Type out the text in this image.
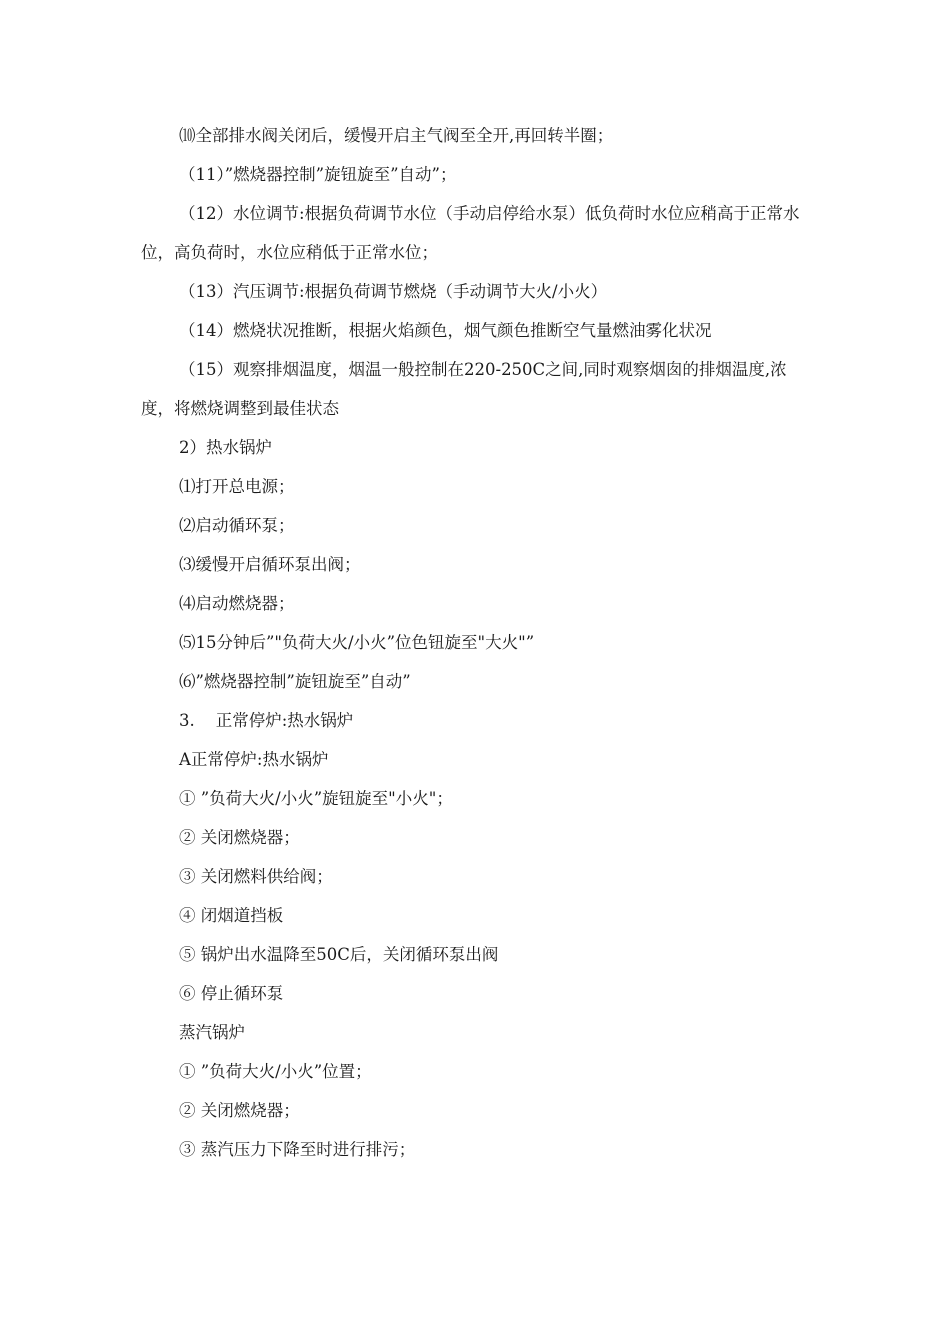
⑽全部排水阀关闭后，缓慢开启主气阀至全开,再回转半圈；

（11）”燃烧器控制”旋钮旋至”自动”；

（12）水位调节:根据负荷调节水位（手动启停给水泵）低负荷时水位应稍高于正常水位，高负荷时，水位应稍低于正常水位；

（13）汽压调节:根据负荷调节燃烧（手动调节大火/小火）

（14）燃烧状况推断，根据火焰颜色，烟气颜色推断空气量燃油雾化状况

（15）观察排烟温度，烟温一般控制在220-250C之间,同时观察烟囱的排烟温度,浓度，将燃烧调整到最佳状态

2）热水锅炉

⑴打开总电源；

⑵启动循环泵；

⑶缓慢开启循环泵出阀；

⑷启动燃烧器；

⑸15分钟后”"负荷大火/小火”位色钮旋至"大火"”

⑹”燃烧器控制”旋钮旋至”自动”

3.    正常停炉:热水锅炉

A正常停炉:热水锅炉

① ”负荷大火/小火”旋钮旋至"小火"；

② 关闭燃烧器；

③ 关闭燃料供给阀；

④ 闭烟道挡板

⑤ 锅炉出水温降至50C后，关闭循环泵出阀

⑥ 停止循环泵

蒸汽锅炉

① ”负荷大火/小火”位置；

② 关闭燃烧器；

③ 蒸汽压力下降至时进行排污；
